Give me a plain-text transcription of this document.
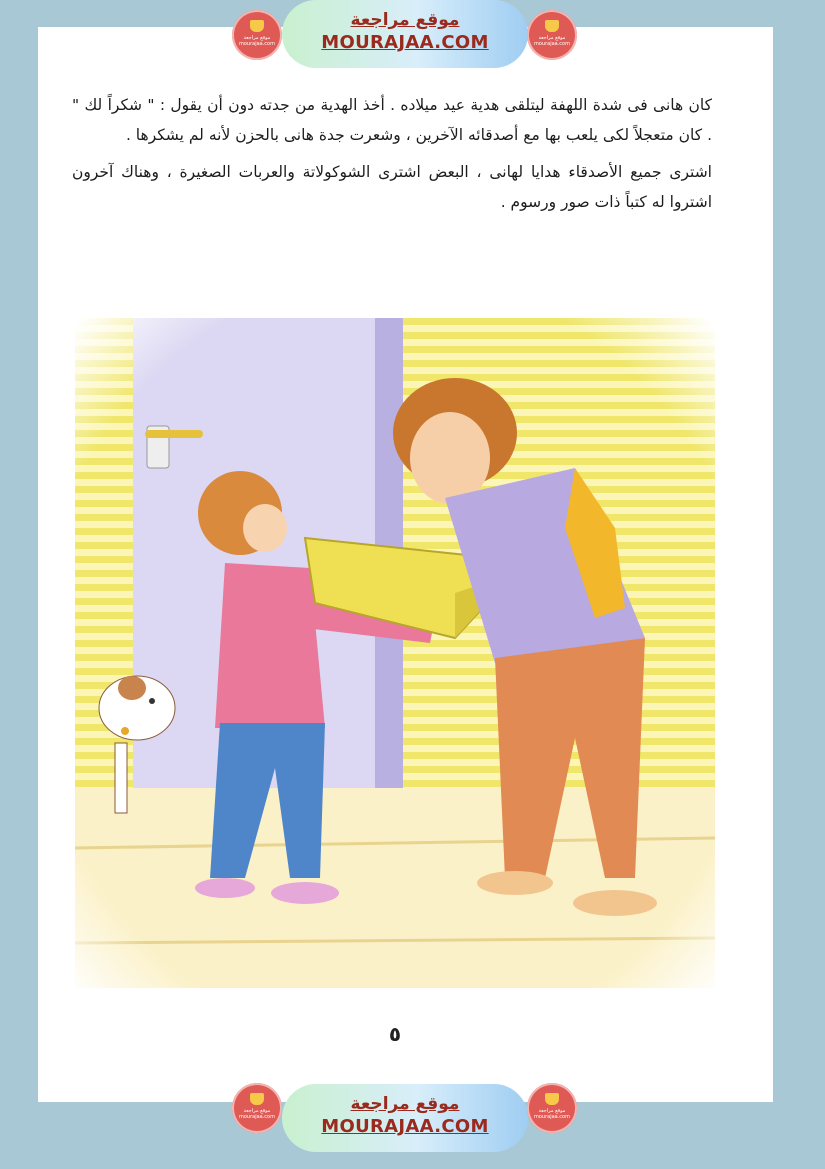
موقع مراجعة mourajaa.com
موقع مراجعة
MOURAJAA.COM	موقع مراجعة mourajaa.com

كان هانى فى شدة اللهفة ليتلقى هدية عيد ميلاده . أخذ الهدية من جدته دون أن يقول : " شكراً لك " . كان متعجلاً لكى يلعب بها مع أصدقائه الآخرين ، وشعرت جدة هانى بالحزن لأنه لم يشكرها .

اشترى جميع الأصدقاء هدايا لهانى ، البعض اشترى الشوكولاتة والعربات الصغيرة ، وهناك آخرون اشتروا له كتباً ذات صور ورسوم .

٥
موقع مراجعة mourajaa.com
موقع مراجعة
MOURAJAA.COM
موقع مراجعة mourajaa.com
